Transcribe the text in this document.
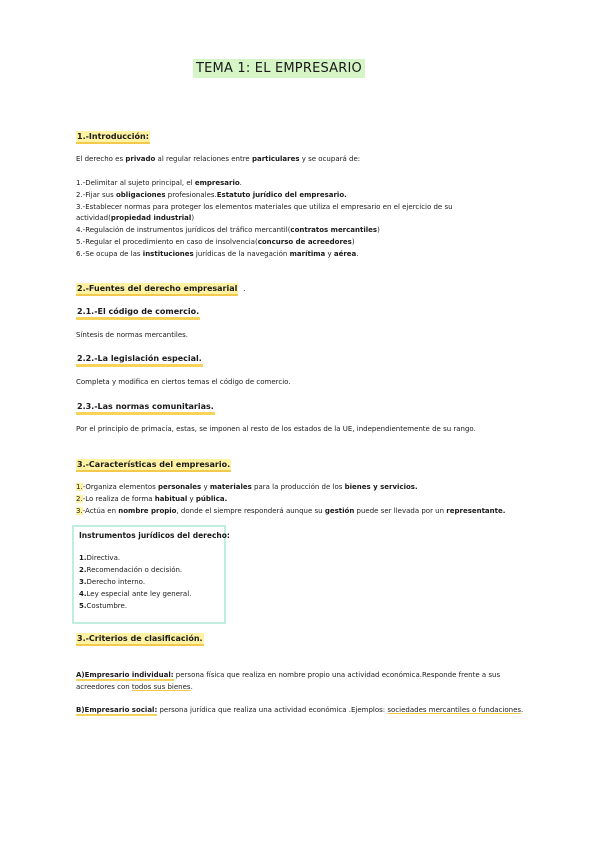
TEMA 1: EL EMPRESARIO
1.-Introducción:
El derecho es privado al regular relaciones entre particulares y se ocupará de:
1.-Delimitar al sujeto principal, el empresario.
2.-Fijar sus obligaciones profesionales.Estatuto jurídico del empresario.
3.-Establecer normas para proteger los elementos materiales que utiliza el empresario en el ejercicio de su
actividad(propiedad industrial)
4.-Regulación de instrumentos jurídicos del tráfico mercantil(contratos mercantiles)
5.-Regular el procedimiento en caso de insolvencia(concurso de acreedores)
6.-Se ocupa de las instituciones jurídicas de la navegación marítima y aérea.
2.-Fuentes del derecho empresarial .
2.1.-El código de comercio.
Síntesis de normas mercantiles.
2.2.-La legislación especial.
Completa y modifica en ciertos temas el código de comercio.
2.3.-Las normas comunitarias.
Por el principio de primacía, estas, se imponen al resto de los estados de la UE, independientemente de su rango.
3.-Características del empresario.
1.-Organiza elementos personales y materiales para la producción de los bienes y servicios.
2.-Lo realiza de forma habitual y pública.
3.-Actúa en nombre propio, donde el siempre responderá aunque su gestión puede ser llevada por un representante.
Instrumentos jurídicos del derecho:
1.Directiva.
2.Recomendación o decisión.
3.Derecho interno.
4.Ley especial ante ley general.
5.Costumbre.
3.-Criterios de clasificación.
A)Empresario individual: persona física que realiza en nombre propio una actividad económica.Responde frente a sus
acreedores con todos sus bienes.
B)Empresario social: persona jurídica que realiza una actividad económica .Ejemplos: sociedades mercantiles o fundaciones.
